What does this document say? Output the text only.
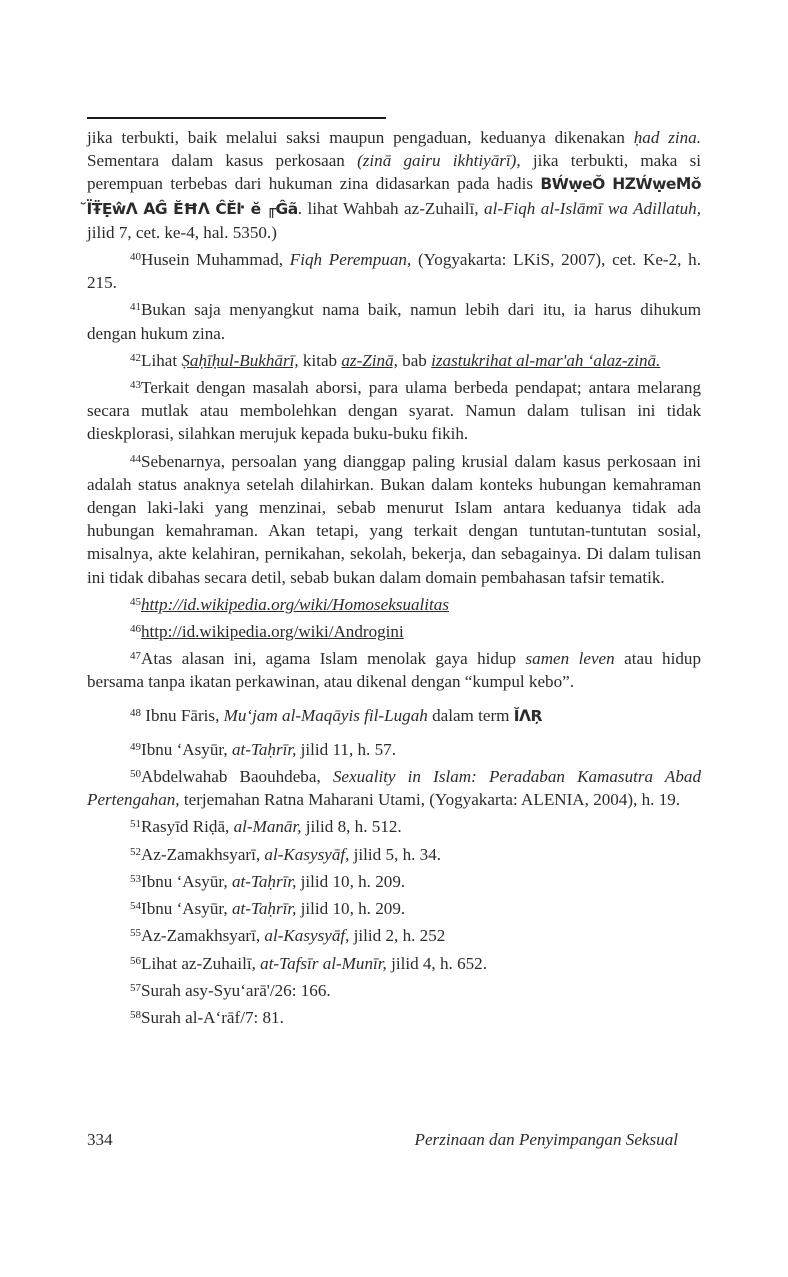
jika terbukti, baik melalui saksi maupun pengaduan, keduanya dikenakan ḥad zina. Sementara dalam kasus perkosaan (zinā gairu ikhtiyārī), jika terbukti, maka si perempuan terbebas dari hukuman zina didasarkan pada hadis ΒẂẉeŎ ΗΖẂẉeΜ̈ŏ ̆ΪŦ̈ẸŵΛ ΑĜ̈ ĔĦΛ ĈĔŀ ĕ ╓Ĝã. lihat Wahbah az-Zuhailī, al-Fiqh al-Islāmī wa Adillatuh, jilid 7, cet. ke-4, hal. 5350.)

$^{40}$Husein Muhammad, Fiqh Perempuan, (Yogyakarta: LKiS, 2007), cet. Ke-2, h. 215.

$^{41}$Bukan saja menyangkut nama baik, namun lebih dari itu, ia harus dihukum dengan hukum zina.

$^{42}$Lihat Ṣaḥīḥul-Bukhārī, kitab az-Zinā, bab izastukrihat al-mar'ah ‘alaz-zinā.

$^{43}$Terkait dengan masalah aborsi, para ulama berbeda pendapat; antara melarang secara mutlak atau membolehkan dengan syarat. Namun dalam tulisan ini tidak dieskplorasi, silahkan merujuk kepada buku-buku fikih.

$^{44}$Sebenarnya, persoalan yang dianggap paling krusial dalam kasus perkosaan ini adalah status anaknya setelah dilahirkan. Bukan dalam konteks hubungan kemahraman dengan laki-laki yang menzinai, sebab menurut Islam antara keduanya tidak ada hubungan kemahraman. Akan tetapi, yang terkait dengan tuntutan-tuntutan sosial, misalnya, akte kelahiran, pernikahan, sekolah, bekerja, dan sebagainya. Di dalam tulisan ini tidak dibahas secara detil, sebab bukan dalam domain pembahasan tafsir tematik.

$^{45}$http://id.wikipedia.org/wiki/Homoseksualitas

$^{46}$http://id.wikipedia.org/wiki/Androgini

$^{47}$Atas alasan ini, agama Islam menolak gaya hidup samen leven atau hidup bersama tanpa ikatan perkawinan, atau dikenal dengan “kumpul kebo”.

$^{48}$ Ibnu Fāris, Mu‘jam al-Maqāyis fil-Lugah dalam term ĬΛŖ

$^{49}$Ibnu ‘Asyūr, at-Taḥrīr, jilid 11, h. 57.

$^{50}$Abdelwahab Baouhdeba, Sexuality in Islam: Peradaban Kamasutra Abad Pertengahan, terjemahan Ratna Maharani Utami, (Yogyakarta: ALENIA, 2004), h. 19.

$^{51}$Rasyīd Riḍā, al-Manār, jilid 8, h. 512.

$^{52}$Az-Zamakhsyarī, al-Kasysyāf, jilid 5, h. 34.

$^{53}$Ibnu ‘Asyūr, at-Taḥrīr, jilid 10, h. 209.

$^{54}$Ibnu ‘Asyūr, at-Taḥrīr, jilid 10, h. 209.

$^{55}$Az-Zamakhsyarī, al-Kasysyāf, jilid 2, h. 252

$^{56}$Lihat az-Zuhailī, at-Tafsīr al-Munīr, jilid 4, h. 652.

$^{57}$Surah asy-Syu‘arā'/26: 166.

$^{58}$Surah al-A‘rāf/7: 81.

334	Perzinaan dan Penyimpangan Seksual
